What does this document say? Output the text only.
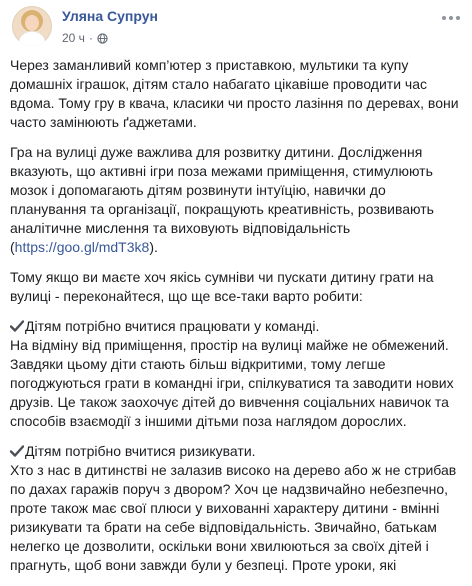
Уляна Супрун
20 ч ·

Через заманливий комп’ютер з приставкою, мультики та купу домашніх іграшок, дітям стало набагато цікавіше проводити час вдома. Тому гру в квача, класики чи просто лазіння по деревах, вони часто замінюють ґаджетами.

Гра на вулиці дуже важлива для розвитку дитини. Дослідження вказують, що активні ігри поза межами приміщення, стимулюють мозок і допомагають дітям розвинути інтуїцію, навички до планування та організації, покращують креативність, розвивають аналітичне мислення та виховують відповідальність (https://goo.gl/mdT3k8).

Тому якщо ви маєте хоч якісь сумніви чи пускати дитину грати на вулиці - переконайтеся, що ще все-таки варто робити:

Дітям потрібно вчитися працювати у команді.
На відміну від приміщення, простір на вулиці майже не обмежений. Завдяки цьому діти стають більш відкритими, тому легше погоджуються грати в командні ігри, спілкуватися та заводити нових друзів. Це також заохочує дітей до вивчення соціальних навичок та способів взаємодії з іншими дітьми поза наглядом дорослих.

Дітям потрібно вчитися ризикувати.
Хто з нас в дитинстві не залазив високо на дерево або ж не стрибав по дахах гаражів поруч з двором? Хоч це надзвичайно небезпечно, проте також має свої плюси у вихованні характеру дитини - вмінні ризикувати та брати на себе відповідальність. Звичайно, батькам нелегко це дозволити, оскільки вони хвилюються за своїх дітей і прагнуть, щоб вони завжди були у безпеці. Проте уроки, які
